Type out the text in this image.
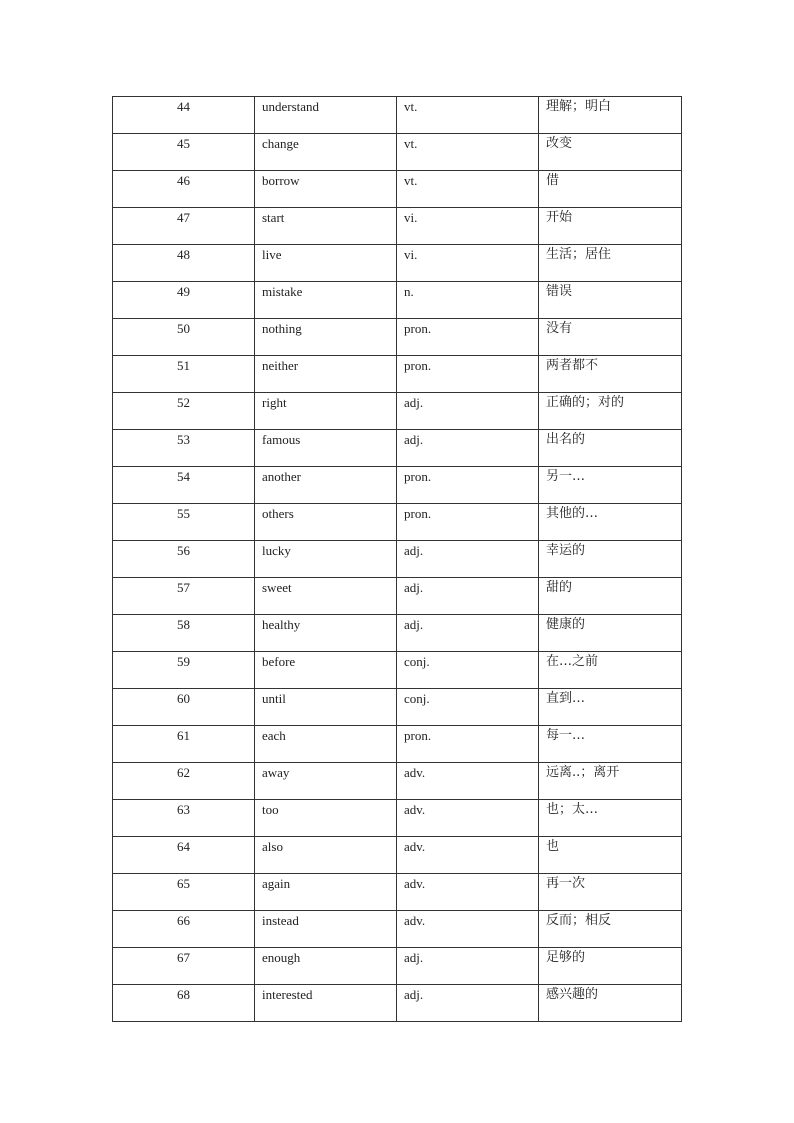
44	understand	vt.	理解；明白

45	change	vt.	改变

46	borrow	vt.	借

47	start	vi.	开始

48	live	vi.	生活；居住

49	mistake	n.	错误

50	nothing	pron.	没有

51	neither	pron.	两者都不

52	right	adj.	正确的；对的

53	famous	adj.	出名的

54	another	pron.	另一…

55	others	pron.	其他的…

56	lucky	adj.	幸运的

57	sweet	adj.	甜的

58	healthy	adj.	健康的

59	before	conj.	在…之前

60	until	conj.	直到…

61	each	pron.	每一…

62	away	adv.	远离..；离开

63	too	adv.	也；太…

64	also	adv.	也

65	again	adv.	再一次

66	instead	adv.	反而；相反

67	enough	adj.	足够的

68	interested	adj.	感兴趣的
